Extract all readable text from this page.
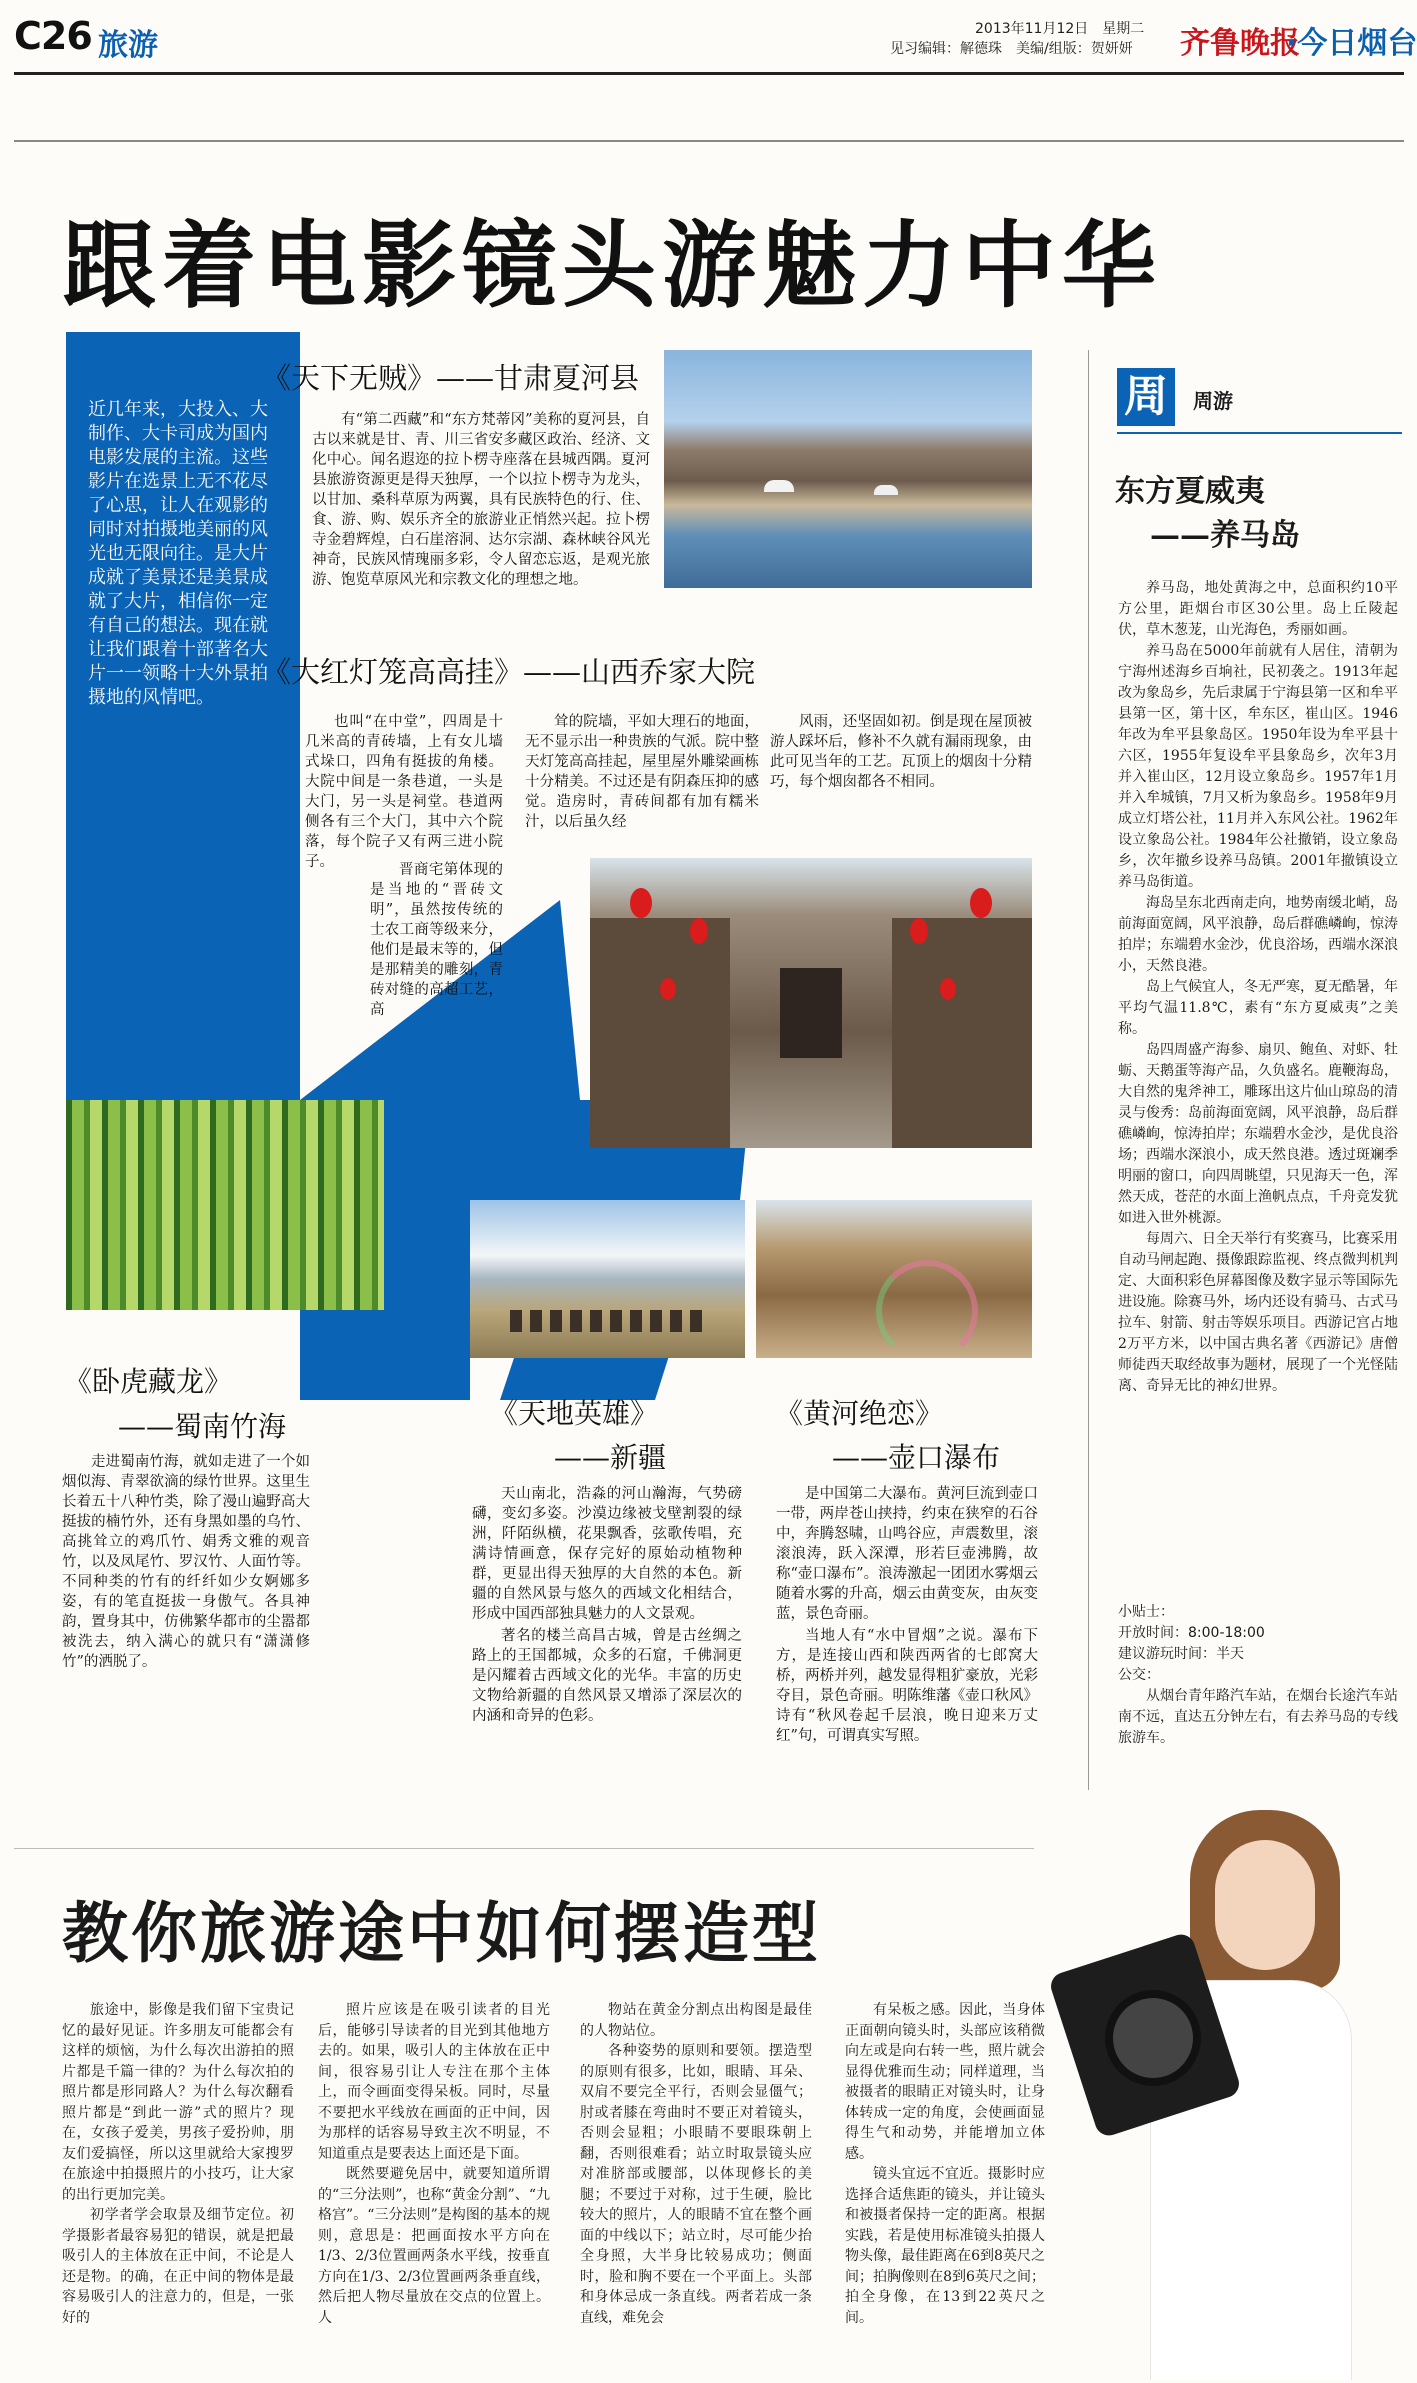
C26 旅游	2013年11月12日　星期二
见习编辑：解德珠　美编/组版：贺妍妍 齐鲁晚报
·今日烟台
跟着电影镜头游魅力中华
近几年来，大投入、大制作、大卡司成为国内电影发展的主流。这些影片在选景上无不花尽了心思，让人在观影的同时对拍摄地美丽的风光也无限向往。是大片成就了美景还是美景成就了大片，相信你一定有自己的想法。现在就让我们跟着十部著名大片一一领略十大外景拍摄地的风情吧。
《天下无贼》——甘肃夏河县

有“第二西藏”和“东方梵蒂冈”美称的夏河县，自古以来就是甘、青、川三省安多藏区政治、经济、文化中心。闻名遐迩的拉卜楞寺座落在县城西隅。夏河县旅游资源更是得天独厚，一个以拉卜楞寺为龙头，以甘加、桑科草原为两翼，具有民族特色的行、住、食、游、购、娱乐齐全的旅游业正悄然兴起。拉卜楞寺金碧辉煌，白石崖溶洞、达尔宗湖、森林峡谷风光神奇，民族风情瑰丽多彩，令人留恋忘返，是观光旅游、饱览草原风光和宗教文化的理想之地。

《大红灯笼高高挂》——山西乔家大院

也叫“在中堂”，四周是十几米高的青砖墙，上有女儿墙式垛口，四角有挺拔的角楼。大院中间是一条巷道，一头是大门，另一头是祠堂。巷道两侧各有三个大门，其中六个院落，每个院子又有两三进小院子。	晋商宅第体现的是当地的“晋砖文明”，虽然按传统的士农工商等级来分，他们是最末等的，但是那精美的雕刻，青砖对缝的高超工艺，高

耸的院墙，平如大理石的地面，无不显示出一种贵族的气派。院中整天灯笼高高挂起，屋里屋外雕梁画栋十分精美。不过还是有阴森压抑的感觉。造房时，青砖间都有加有糯米汁，以后虽久经

风雨，还坚固如初。倒是现在屋顶被游人踩坏后，修补不久就有漏雨现象，由此可见当年的工艺。瓦顶上的烟囱十分精巧，每个烟囱都各不相同。

《卧虎藏龙》
——蜀南竹海

走进蜀南竹海，就如走进了一个如烟似海、青翠欲滴的绿竹世界。这里生长着五十八种竹类，除了漫山遍野高大挺拔的楠竹外，还有身黑如墨的乌竹、高挑耸立的鸡爪竹、娟秀文雅的观音竹，以及凤尾竹、罗汉竹、人面竹等。不同种类的竹有的纤纤如少女婀娜多姿，有的笔直挺拔一身傲气。各具神韵，置身其中，仿佛繁华都市的尘嚣都被洗去，纳入满心的就只有“潇潇修竹”的洒脱了。

《天地英雄》
——新疆

天山南北，浩淼的河山瀚海，气势磅礴，变幻多姿。沙漠边缘被戈壁割裂的绿洲，阡陌纵横，花果飘香，弦歌传唱，充满诗情画意，保存完好的原始动植物种群，更显出得天独厚的大自然的本色。新疆的自然风景与悠久的西域文化相结合，形成中国西部独具魅力的人文景观。

著名的楼兰高昌古城，曾是古丝绸之路上的王国都城，众多的石窟，千佛洞更是闪耀着古西域文化的光华。丰富的历史文物给新疆的自然风景又增添了深层次的内涵和奇异的色彩。

《黄河绝恋》
——壶口瀑布

是中国第二大瀑布。黄河巨流到壶口一带，两岸苍山挟持，约束在狭窄的石谷中，奔腾怒啸，山鸣谷应，声震数里，滚滚浪涛，跃入深潭，形若巨壶沸腾，故称“壶口瀑布”。浪涛激起一团团水雾烟云随着水雾的升高，烟云由黄变灰，由灰变蓝，景色奇丽。

当地人有“水中冒烟”之说。瀑布下方，是连接山西和陕西两省的七郎窝大桥，两桥并列，越发显得粗犷豪放，光彩夺目，景色奇丽。明陈维藩《壶口秋风》诗有“秋风卷起千层浪，晚日迎来万丈红”句，可谓真实写照。

周	周游
东方夏威夷
——养马岛

养马岛，地处黄海之中，总面积约10平方公里，距烟台市区30公里。岛上丘陵起伏，草木葱茏，山光海色，秀丽如画。

养马岛在5000年前就有人居住，清朝为宁海州述海乡百垧社，民初袭之。1913年起改为象岛乡，先后隶属于宁海县第一区和牟平县第一区，第十区，牟东区，崔山区。1946年改为牟平县象岛区。1950年设为牟平县十六区，1955年复设牟平县象岛乡，次年3月并入崔山区，12月设立象岛乡。1957年1月并入牟城镇，7月又析为象岛乡。1958年9月成立灯塔公社，11月并入东风公社。1962年设立象岛公社。1984年公社撤销，设立象岛乡，次年撤乡设养马岛镇。2001年撤镇设立养马岛街道。

海岛呈东北西南走向，地势南缓北峭，岛前海面宽阔，风平浪静，岛后群礁嶙峋，惊涛拍岸；东端碧水金沙，优良浴场，西端水深浪小，天然良港。

岛上气候宜人，冬无严寒，夏无酷暑，年平均气温11.8℃，素有“东方夏威夷”之美称。

岛四周盛产海参、扇贝、鲍鱼、对虾、牡蛎、天鹅蛋等海产品，久负盛名。鹿鞭海岛，大自然的鬼斧神工，雕琢出这片仙山琼岛的清灵与俊秀：岛前海面宽阔，风平浪静，岛后群礁嶙峋，惊涛拍岸；东端碧水金沙，是优良浴场；西端水深浪小，成天然良港。透过斑斓季明丽的窗口，向四周眺望，只见海天一色，浑然天成，苍茫的水面上渔帆点点，千舟竞发犹如进入世外桃源。

每周六、日全天举行有奖赛马，比赛采用自动马闸起跑、摄像跟踪监视、终点微判机判定、大面积彩色屏幕图像及数字显示等国际先进设施。除赛马外，场内还设有骑马、古式马拉车、射箭、射击等娱乐项目。西游记宫占地2万平方米，以中国古典名著《西游记》唐僧师徒西天取经故事为题材，展现了一个光怪陆离、奇异无比的神幻世界。

小贴士：
开放时间：8:00-18:00
建议游玩时间：半天
公交：
从烟台青年路汽车站，在烟台长途汽车站南不远，直达五分钟左右，有去养马岛的专线旅游车。
教你旅游途中如何摆造型

旅途中，影像是我们留下宝贵记忆的最好见证。许多朋友可能都会有这样的烦恼，为什么每次出游拍的照片都是千篇一律的？为什么每次拍的照片都是形同路人？为什么每次翻看照片都是“到此一游”式的照片？现在，女孩子爱美，男孩子爱扮帅，朋友们爱搞怪，所以这里就给大家搜罗在旅途中拍摄照片的小技巧，让大家的出行更加完美。

初学者学会取景及细节定位。初学摄影者最容易犯的错误，就是把最吸引人的主体放在正中间，不论是人还是物。的确，在正中间的物体是最容易吸引人的注意力的，但是，一张好的

照片应该是在吸引读者的目光后，能够引导读者的目光到其他地方去的。如果，吸引人的主体放在正中间，很容易引让人专注在那个主体上，而令画面变得呆板。同时，尽量不要把水平线放在画面的正中间，因为那样的话容易导致主次不明显，不知道重点是要表达上面还是下面。

既然要避免居中，就要知道所谓的“三分法则”，也称“黄金分割”、“九格宫”。“三分法则”是构图的基本的规则，意思是：把画面按水平方向在1/3、2/3位置画两条水平线，按垂直方向在1/3、2/3位置画两条垂直线，然后把人物尽量放在交点的位置上。人

物站在黄金分割点出构图是最佳的人物站位。

各种姿势的原则和要领。摆造型的原则有很多，比如，眼睛、耳朵、双肩不要完全平行，否则会显僵气；肘或者膝在弯曲时不要正对着镜头，否则会显粗；小眼睛不要眼珠朝上翻，否则很难看；站立时取景镜头应对准脐部或腰部，以体现修长的美腿；不要过于对称，过于生硬，脸比较大的照片，人的眼睛不宜在整个画面的中线以下；站立时，尽可能少抬全身照，大半身比较易成功；侧面时，脸和胸不要在一个平面上。头部和身体忌成一条直线。两者若成一条直线，难免会

有呆板之感。因此，当身体正面朝向镜头时，头部应该稍微向左或是向右转一些，照片就会显得优雅而生动；同样道理，当被摄者的眼睛正对镜头时，让身体转成一定的角度，会使画面显得生气和动势，并能增加立体感。

镜头宜远不宜近。摄影时应选择合适焦距的镜头，并让镜头和被摄者保持一定的距离。根据实践，若是使用标准镜头拍摄人物头像，最佳距离在6到8英尺之间；拍胸像则在8到6英尺之间；拍全身像，在13到22英尺之间。
